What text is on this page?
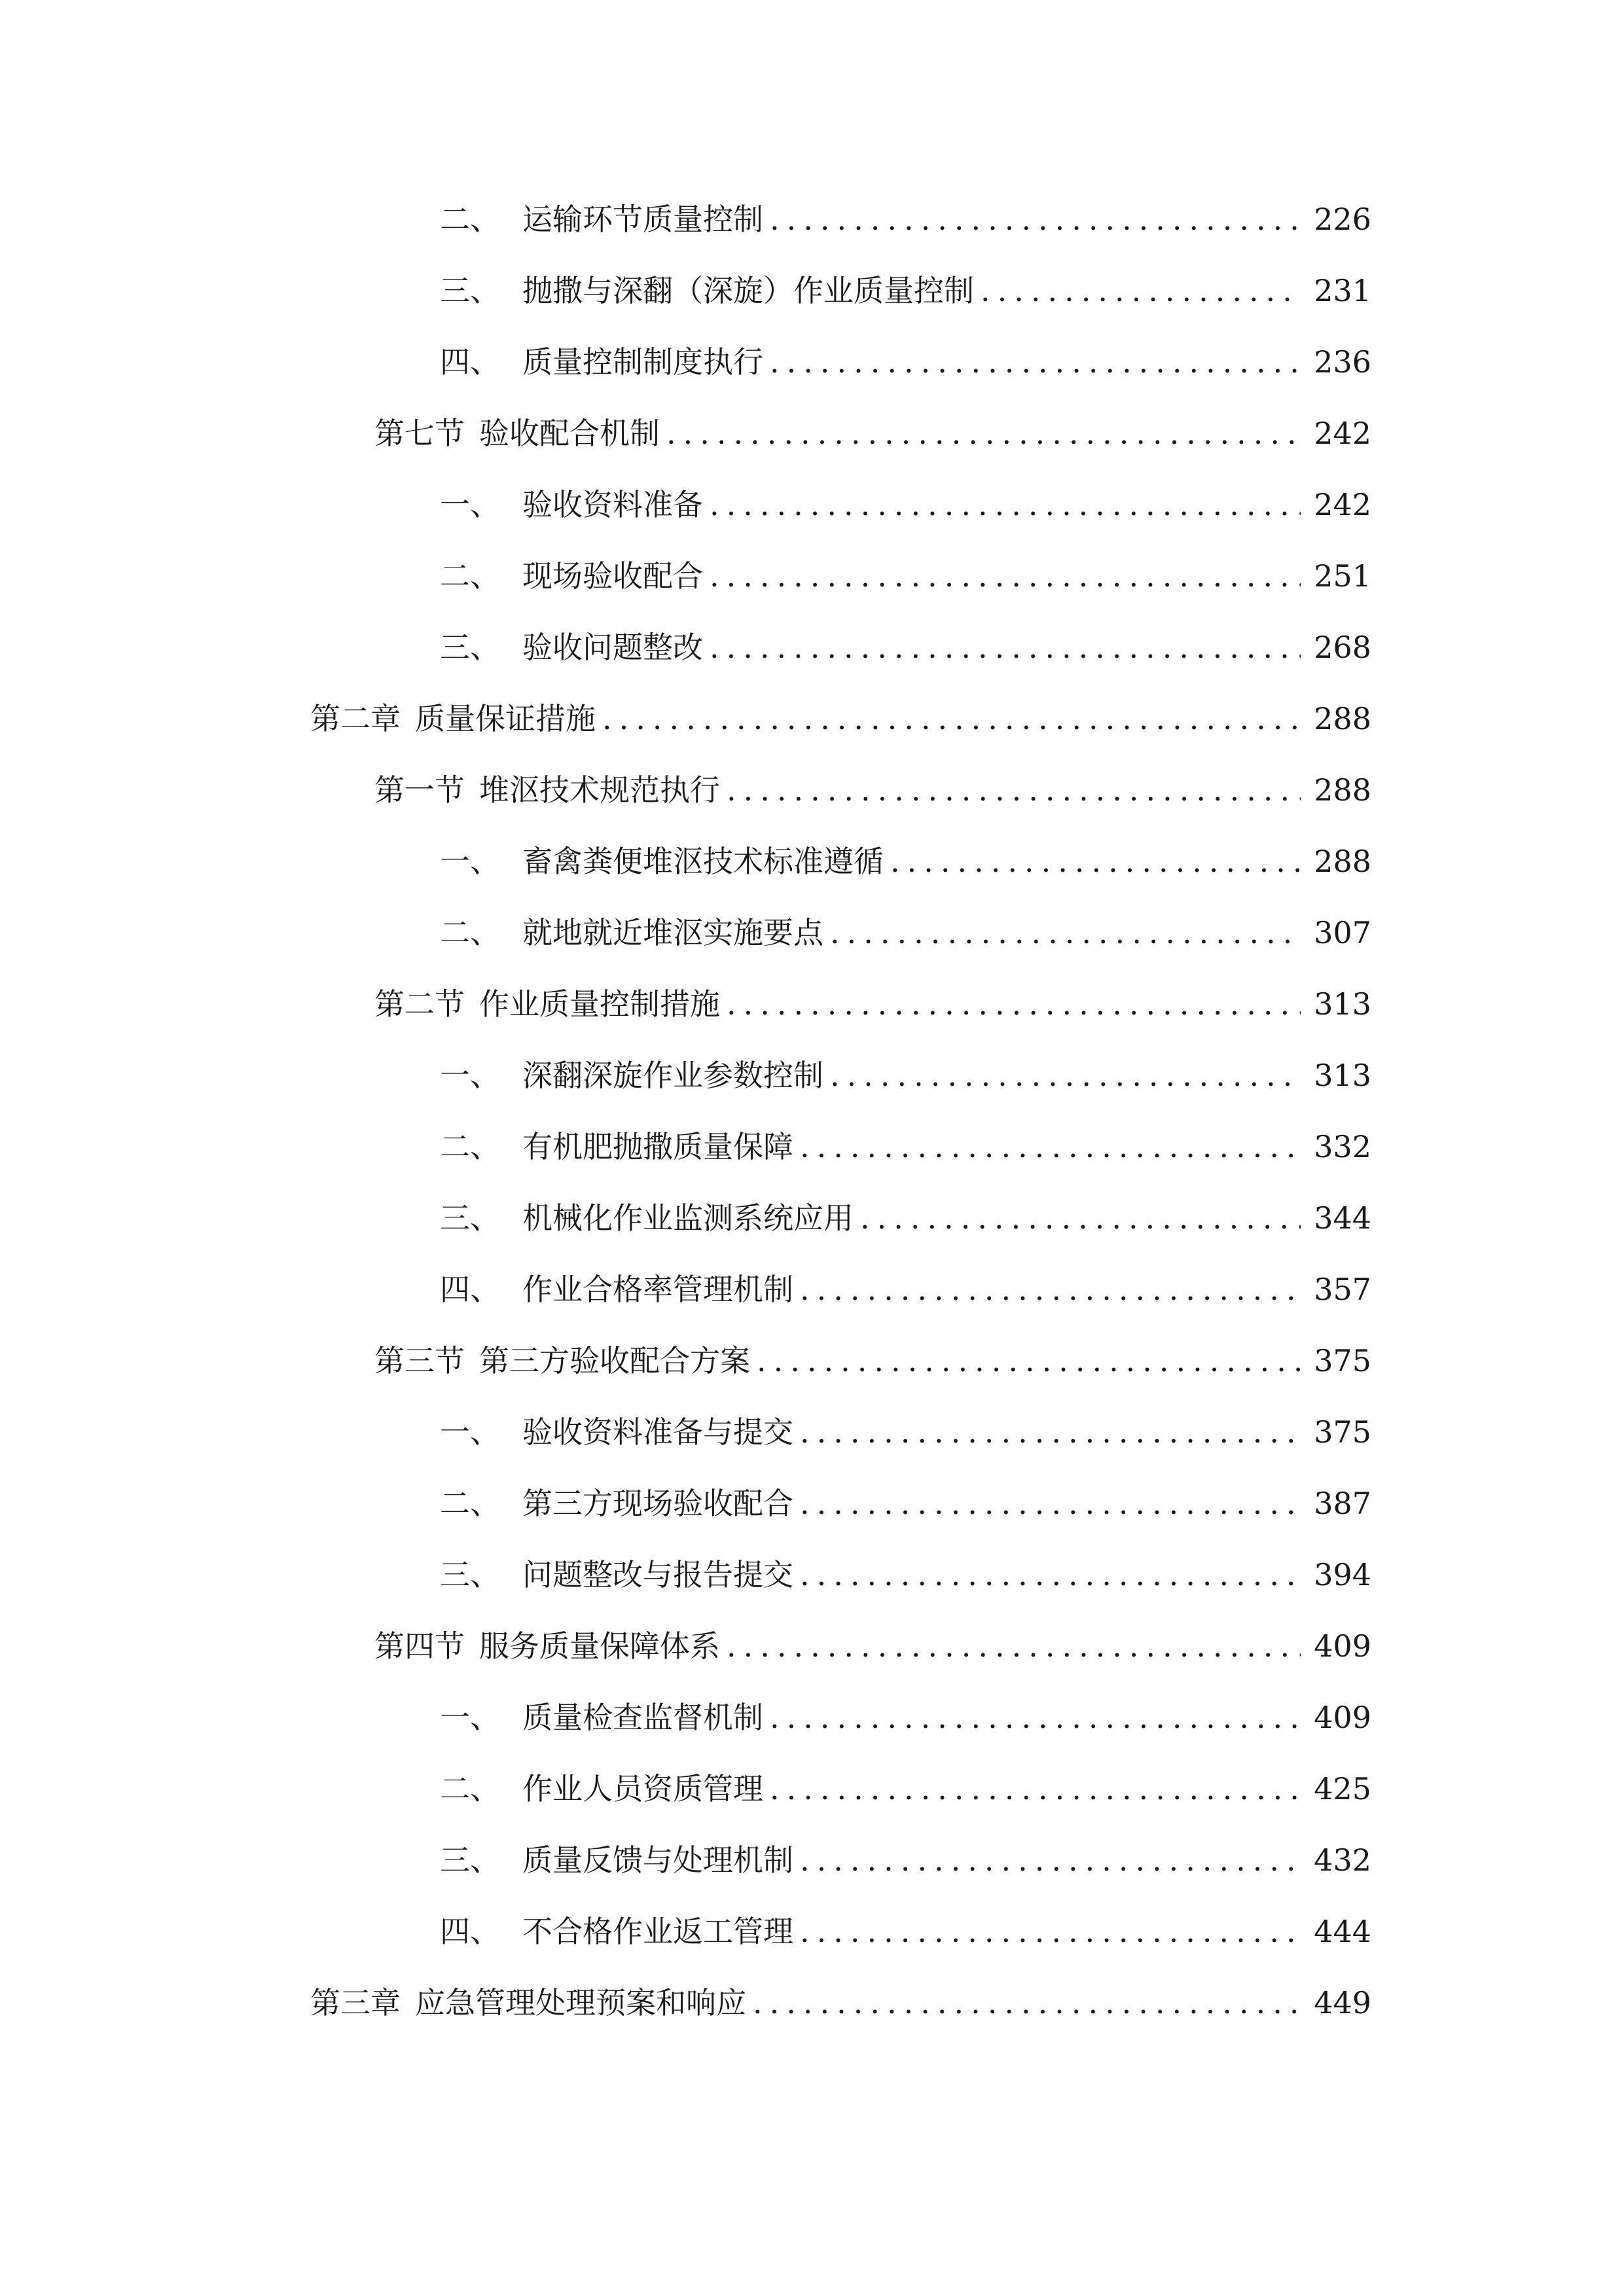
二、 运输环节质量控制 .....	226
三、 抛撒与深翻（深旋）作业质量控制 .....	231
四、 质量控制制度执行 .....	236
第七节 验收配合机制 .....	242
一、 验收资料准备 .....	242
二、 现场验收配合 .....	251
三、 验收问题整改 .....	268
第二章 质量保证措施 .....	288
第一节 堆沤技术规范执行 .....	288
一、 畜禽粪便堆沤技术标准遵循 .....	288
二、 就地就近堆沤实施要点 .....	307
第二节 作业质量控制措施 .....	313
一、 深翻深旋作业参数控制 .....	313
二、 有机肥抛撒质量保障 .....	332
三、 机械化作业监测系统应用 .....	344
四、 作业合格率管理机制 .....	357
第三节 第三方验收配合方案 .....	375
一、 验收资料准备与提交 .....	375
二、 第三方现场验收配合 .....	387
三、 问题整改与报告提交 .....	394
第四节 服务质量保障体系 .....	409
一、 质量检查监督机制 .....	409
二、 作业人员资质管理 .....	425
三、 质量反馈与处理机制 .....	432
四、 不合格作业返工管理 .....	444
第三章 应急管理处理预案和响应 .....	449
